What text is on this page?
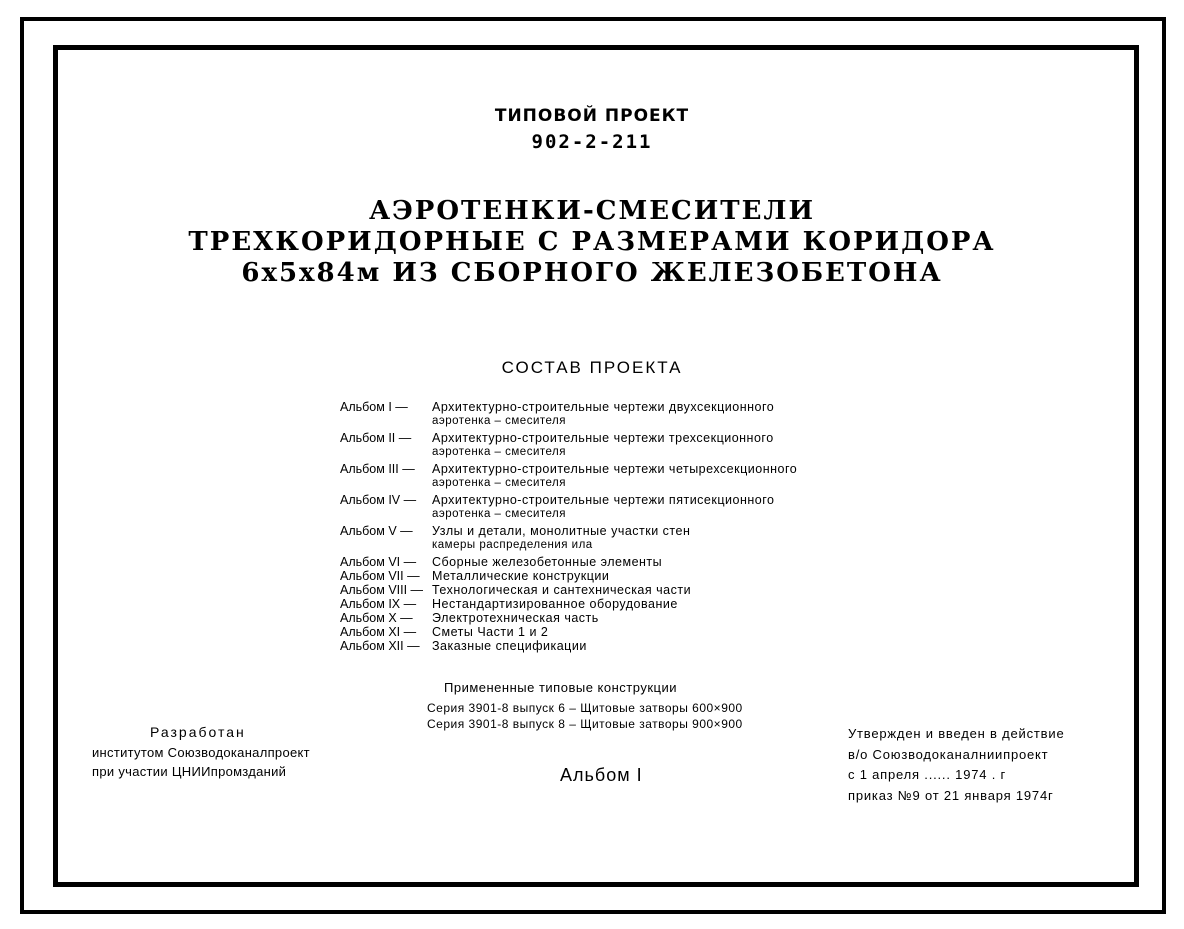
ТИПОВОЙ ПРОЕКТ
902-2-211
АЭРОТЕНКИ-СМЕСИТЕЛИ
ТРЕХКОРИДОРНЫЕ С РАЗМЕРАМИ КОРИДОРА
6x5x84м ИЗ СБОРНОГО ЖЕЛЕЗОБЕТОНА
СОСТАВ ПРОЕКТА
Альбом I —	Архитектурно-строительные чертежи двухсекционного
аэротенка – смесителя
Альбом II —	Архитектурно-строительные чертежи трехсекционного
аэротенка – смесителя
Альбом III —	Архитектурно-строительные чертежи четырехсекционного
аэротенка – смесителя
Альбом IV —	Архитектурно-строительные чертежи пятисекционного
аэротенка – смесителя
Альбом V —	Узлы и детали, монолитные участки стен
камеры распределения ила
Альбом VI —	Сборные железобетонные элементы
Альбом VII — Металлические конструкции
Альбом VIII — Технологическая и сантехническая части
Альбом IX —	Нестандартизированное оборудование
Альбом X —	Электротехническая часть
Альбом XI —	Сметы Части 1 и 2
Альбом XII — Заказные спецификации
Примененные типовые конструкции
Серия 3901-8 выпуск 6 – Щитовые затворы 600×900
Серия 3901-8 выпуск 8 – Щитовые затворы 900×900
Разработан
институтом Союзводоканалпроект
при участии ЦНИИпромзданий	Альбом I
Утвержден и введен в действие
в/о Союзводоканалниипроект
с 1 апреля ...... 1974 . г
приказ №9 от 21 января 1974г
